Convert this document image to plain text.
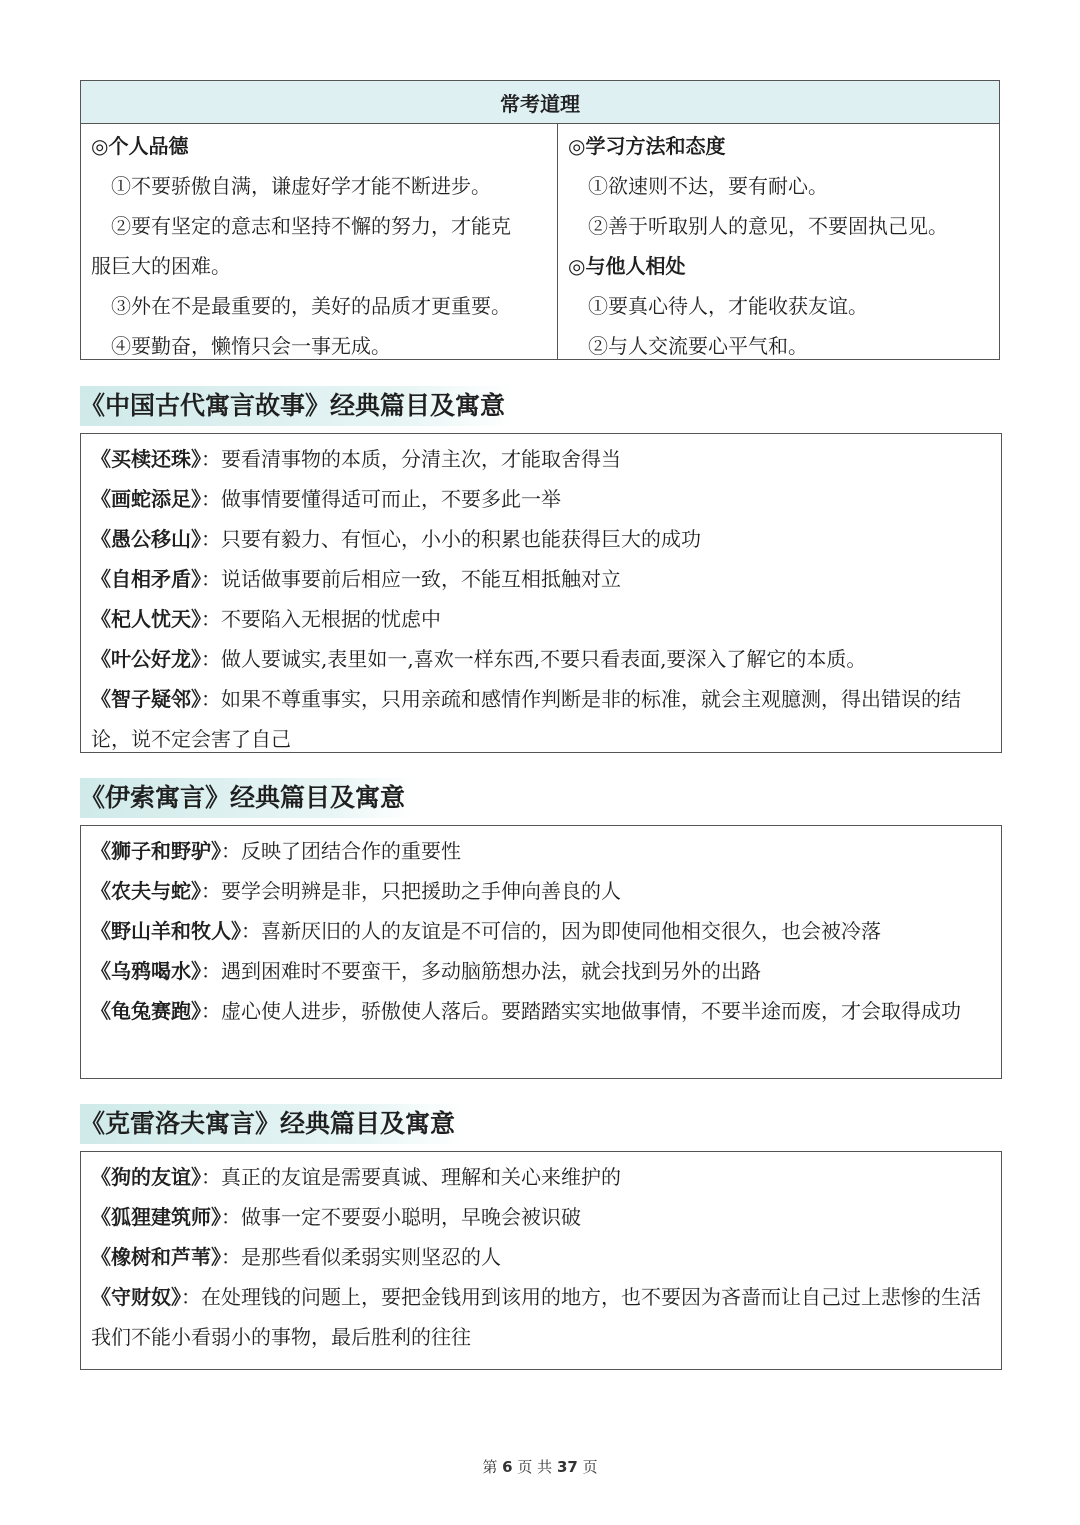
常考道理
◎个人品德
①不要骄傲自满，谦虚好学才能不断进步。
②要有坚定的意志和坚持不懈的努力，才能克
服巨大的困难。
③外在不是最重要的，美好的品质才更重要。
④要勤奋，懒惰只会一事无成。
◎学习方法和态度
①欲速则不达，要有耐心。
②善于听取别人的意见，不要固执己见。
◎与他人相处
①要真心待人，才能收获友谊。
②与人交流要心平气和。
《中国古代寓言故事》经典篇目及寓意
《买椟还珠》：要看清事物的本质，分清主次，才能取舍得当
《画蛇添足》：做事情要懂得适可而止，不要多此一举
《愚公移山》：只要有毅力、有恒心，小小的积累也能获得巨大的成功
《自相矛盾》：说话做事要前后相应一致，不能互相抵触对立
《杞人忧天》：不要陷入无根据的忧虑中
《叶公好龙》：做人要诚实,表里如一,喜欢一样东西,不要只看表面,要深入了解它的本质。
《智子疑邻》：如果不尊重事实，只用亲疏和感情作判断是非的标准，就会主观臆测，得出错误的结论，说不定会害了自己
《伊索寓言》经典篇目及寓意
《狮子和野驴》：反映了团结合作的重要性
《农夫与蛇》：要学会明辨是非，只把援助之手伸向善良的人
《野山羊和牧人》：喜新厌旧的人的友谊是不可信的，因为即使同他相交很久，也会被冷落
《乌鸦喝水》：遇到困难时不要蛮干，多动脑筋想办法，就会找到另外的出路
《龟兔赛跑》：虚心使人进步，骄傲使人落后。要踏踏实实地做事情，不要半途而废，才会取得成功
《克雷洛夫寓言》经典篇目及寓意
《狗的友谊》：真正的友谊是需要真诚、理解和关心来维护的
《狐狸建筑师》：做事一定不要耍小聪明，早晚会被识破
《橡树和芦苇》：是那些看似柔弱实则坚忍的人
《守财奴》：在处理钱的问题上，要把金钱用到该用的地方，也不要因为吝啬而让自己过上悲惨的生活我们不能小看弱小的事物，最后胜利的往往
第 6 页 共 37 页
